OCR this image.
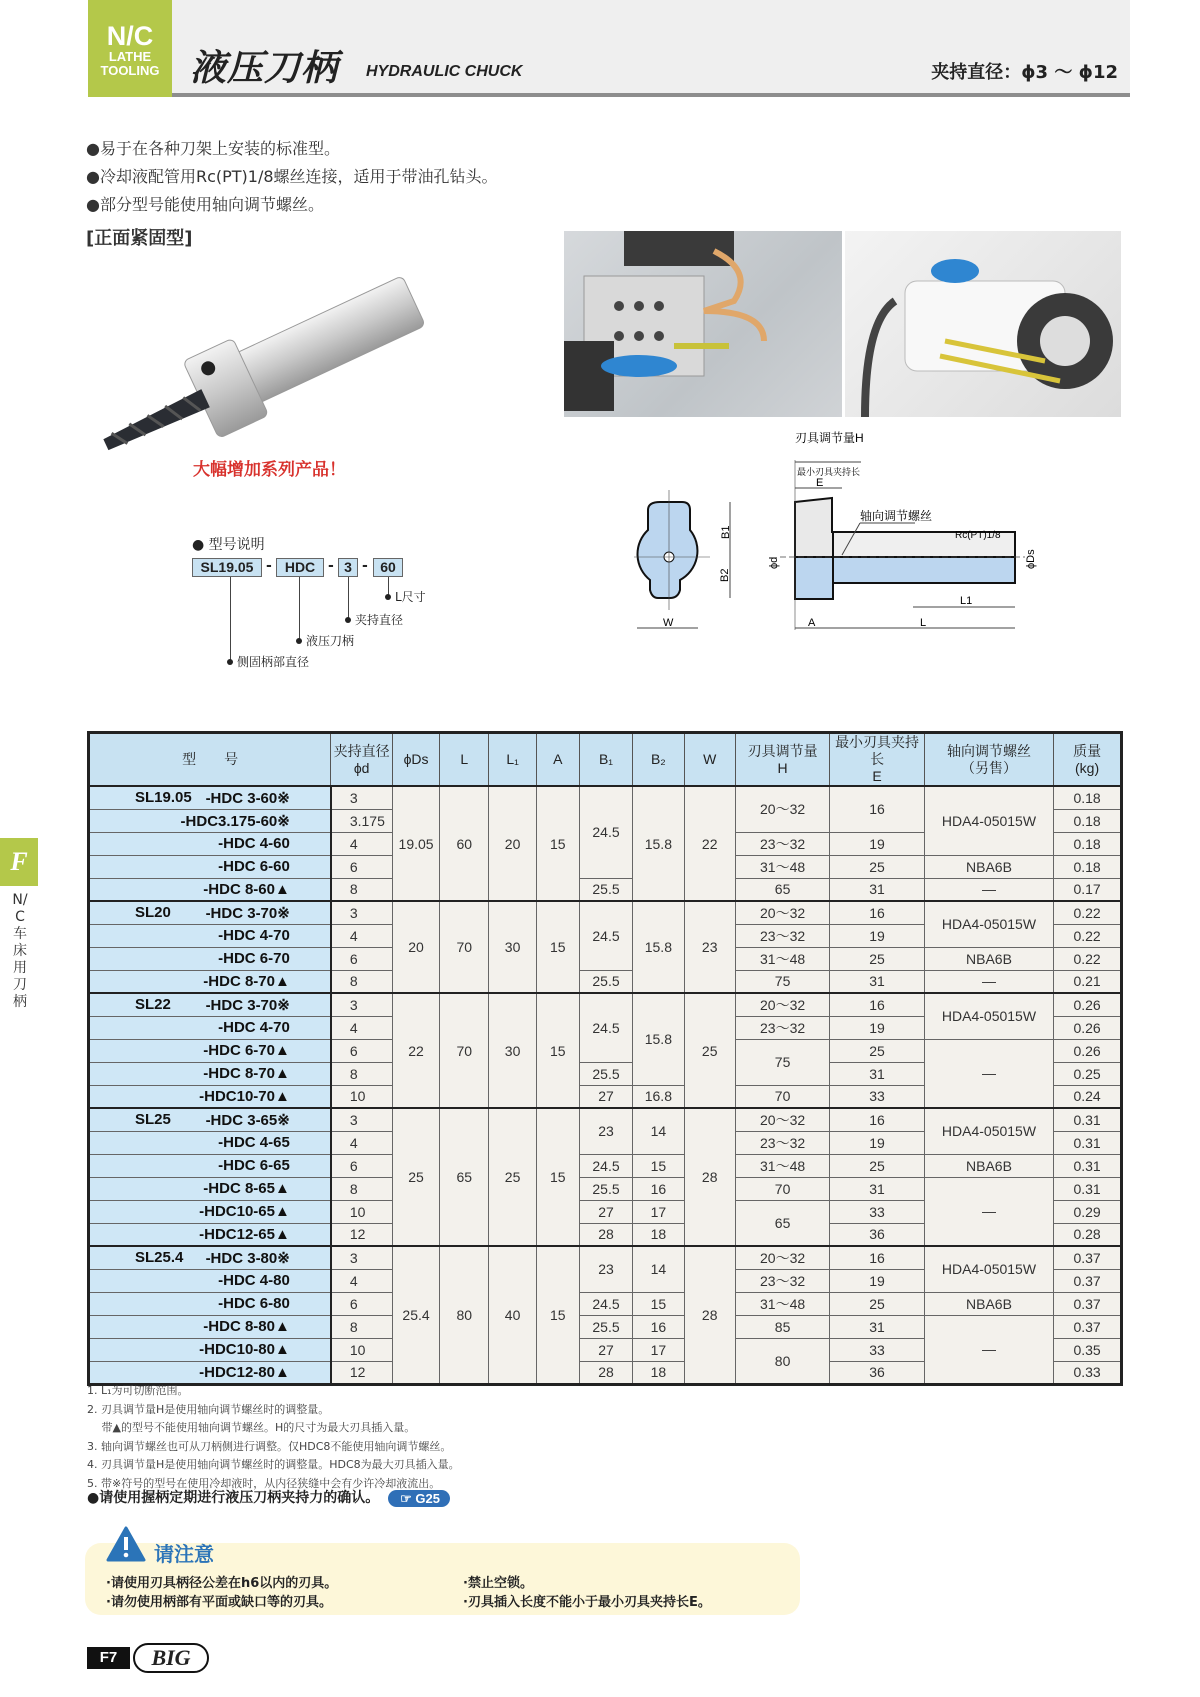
N/C
LATHE
TOOLING 液压刀柄 HYDRAULIC CHUCK	夹持直径：ϕ3 ～ ϕ12
●易于在各种刀架上安装的标准型。
●冷却液配管用Rc(PT)1/8螺丝连接，适用于带油孔钻头。
●部分型号能使用轴向调节螺丝。
[正面紧固型]
大幅增加系列产品！
● 型号说明
SL19.05 - HDC - 3 - 60
L尺寸
夹持直径
液压刀柄
侧固柄部直径
B1
B2
W
刃具调节量H
最小刃具夹持长
E
轴向调节螺丝
Rc(PT)1/8
ϕd	ϕDs
L1
A	L
型　　号	夹持直径
ϕd	ϕDs	L	L₁	A	B₁	B₂	W	刃具调节量
H	最小刃具夹持长
E	轴向调节螺丝
（另售）	质量
(kg)

SL19.05 -HDC 3-60※	3	19.05	60	20	15	24.5	15.8	22	20～32	16	HDA4-05015W	0.18
-HDC3.175-60※	3.175											0.18
-HDC 4-60	4								23～32	19		0.18
-HDC 6-60	6								31～48	25	NBA6B	0.18
-HDC 8-60▲	8					25.5			65	31	—	0.17

SL20 -HDC 3-70※	3	20	70	30	15	24.5	15.8	23	20～32	16	HDA4-05015W	0.22
-HDC 4-70	4								23～32	19		0.22
-HDC 6-70	6								31～48	25	NBA6B	0.22
-HDC 8-70▲	8					25.5			75	31	—	0.21

SL22 -HDC 3-70※	3	22	70	30	15	24.5	15.8	25	20～32	16	HDA4-05015W	0.26
-HDC 4-70	4								23～32	19		0.26
-HDC 6-70▲	6								75	25	—	0.26
-HDC 8-70▲	8					25.5				31		0.25
-HDC10-70▲	10					27	16.8		70	33		0.24

SL25 -HDC 3-65※	3	25	65	25	15	23	14	28	20～32	16	HDA4-05015W	0.31
-HDC 4-65	4								23～32	19		0.31
-HDC 6-65	6					24.5	15		31～48	25	NBA6B	0.31
-HDC 8-65▲	8					25.5	16		70	31	—	0.31
-HDC10-65▲	10					27	17		65	33		0.29
-HDC12-65▲	12					28	18			36		0.28

SL25.4 -HDC 3-80※	3	25.4	80	40	15	23	14	28	20～32	16	HDA4-05015W	0.37
-HDC 4-80	4								23～32	19		0.37
-HDC 6-80	6					24.5	15		31～48	25	NBA6B	0.37
-HDC 8-80▲	8					25.5	16		85	31	—	0.37
-HDC10-80▲	10					27	17		80	33		0.35
-HDC12-80▲	12					28	18			36		0.33
1. L₁为可切断范围。
2. 刃具调节量H是使用轴向调节螺丝时的调整量。
　 带▲的型号不能使用轴向调节螺丝。H的尺寸为最大刃具插入量。
3. 轴向调节螺丝也可从刀柄侧进行调整。仅HDC8不能使用轴向调节螺丝。
4. 刃具调节量H是使用轴向调节螺丝时的调整量。HDC8为最大刃具插入量。
5. 带※符号的型号在使用冷却液时，从内径狭缝中会有少许冷却液流出。
●请使用握柄定期进行液压刀柄夹持力的确认。 ☞ G25
请注意
·请使用刃具柄径公差在h6以内的刃具。
·请勿使用柄部有平面或缺口等的刃具。
·禁止空锁。
·刃具插入长度不能小于最小刃具夹持长E。
F7	BIG
F
N/C车床用刀柄
